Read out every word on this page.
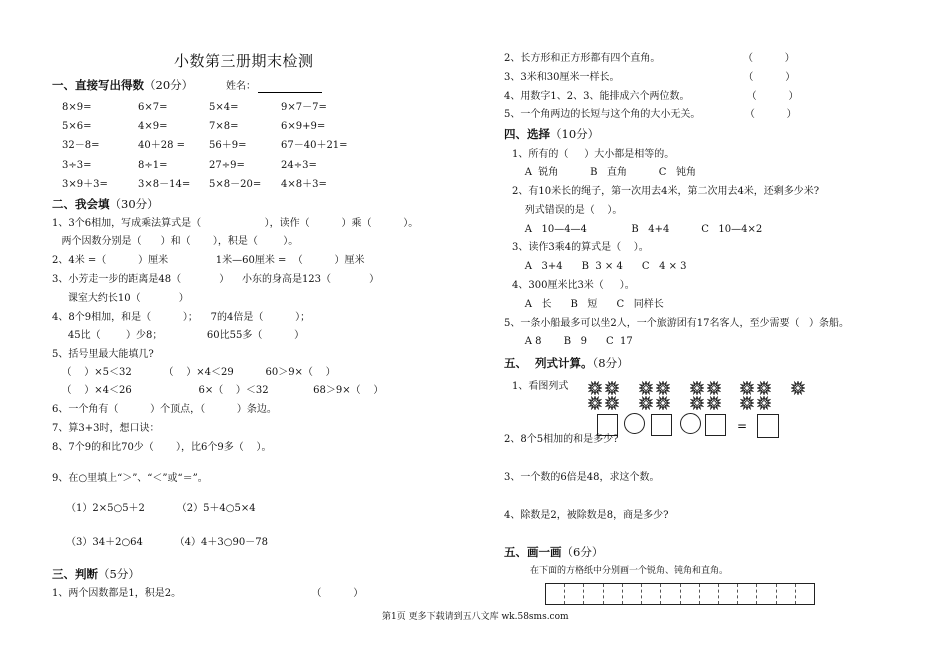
小数第三册期末检测
一、直接写出得数（20分）	姓名：
8×9=	6×7=	5×4=	9×7－7=
5×6=	4×9=	7×8=	6×9+9=
32－8=	40＋28 = 56＋9=	67－40＋21=
3÷3=	8÷1=	27÷9=	24÷3=
3×9＋3=	3×8－14= 5×8－20= 4×8＋3=
二、我会填（30分）
1、3个6相加，写成乘法算式是（                    ），读作（          ）乘（          ）。
两个因数分别是（      ）和（       ），积是（        ）。
2、4米 =（          ）厘米               1米—60厘米 =  （          ）厘米
3、小芳走一步的距离是48（            ）    小东的身高是123（            ）
课室大约长10（            ）
4、8个9相加，和是（          ）；    7的4倍是（          ）；
45比（        ）少8；              60比55多（          ）
5、括号里最大能填几?
（    ）×5＜32          （    ）×4＜29          60＞9×（    ）
（    ）×4＜26                     6×（    ）＜32              68＞9×（    ）
6、一个角有（          ）个顶点，（          ）条边。
7、算3+3时，想口诀：
8、7个9的和比70少（       ），比6个9多（    ）。
9、在○里填上“＞”、“＜”或“＝”。
（1）2×5○5＋2          （2）5＋4○5×4
（3）34＋2○64          （4）4＋3○90－78
三、判断（5分）
1、两个因数都是1，积是2。                                         （          ）
2、长方形和正方形都有四个直角。                          （          ）
3、3米和30厘米一样长。                                       （          ）
4、用数字1、2、3、能排成六个两位数。                  （          ）
5、一个角两边的长短与这个角的大小无关。              （          ）
四、选择（10分）
1、所有的（     ）大小都是相等的。
A  锐角          B   直角          C   钝角
2、有10米长的绳子，第一次用去4米，第二次用去4米，还剩多少米?
列式错误的是（    ）。
A   10—4—4              B   4+4          C   10—4×2
3、读作3乘4的算式是（    ）。
A   3+4      B  3 × 4      C   4 × 3
4、300厘米比3米（     ）。
A   长      B   短      C   同样长
5、一条小船最多可以坐2人，一个旅游团有17名客人，至少需要（   ）条船。
A 8       B   9      C  17
五、  列式计算。（8分）
1、看图列式
=
2、8个5相加的和是多少?
3、一个数的6倍是48，求这个数。
4、除数是2，被除数是8，商是多少?
五、画一画（6分）
在下面的方格纸中分别画一个锐角、钝角和直角。
第1页 更多下载请到五八文库 wk.58sms.com
